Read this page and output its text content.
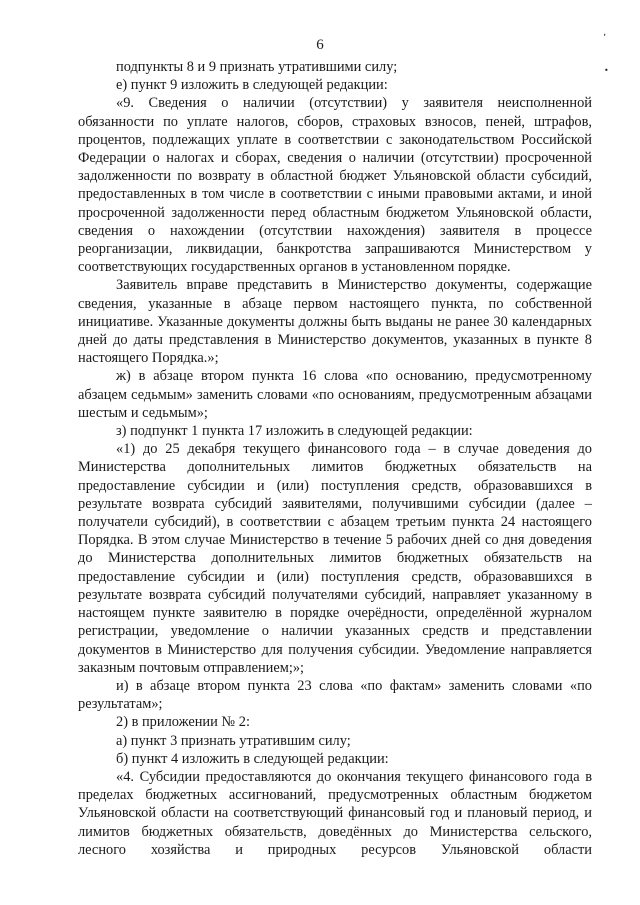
6	ʼ
•

подпункты 8 и 9 признать утратившими силу;

е) пункт 9 изложить в следующей редакции:

«9. Сведения о наличии (отсутствии) у заявителя неисполненной обязанности по уплате налогов, сборов, страховых взносов, пеней, штрафов, процентов, подлежащих уплате в соответствии с законодательством Российской Федерации о налогах и сборах, сведения о наличии (отсутствии) просроченной задолженности по возврату в областной бюджет Ульяновской области субсидий, предоставленных в том числе в соответствии с иными правовыми актами, и иной просроченной задолженности перед областным бюджетом Ульяновской области, сведения о нахождении (отсутствии нахождения) заявителя в процессе реорганизации, ликвидации, банкротства запрашиваются Министерством у соответствующих государственных органов в установленном порядке.

Заявитель вправе представить в Министерство документы, содержащие сведения, указанные в абзаце первом настоящего пункта, по собственной инициативе. Указанные документы должны быть выданы не ранее 30 календарных дней до даты представления в Министерство документов, указанных в пункте 8 настоящего Порядка.»;

ж) в абзаце втором пункта 16 слова «по основанию, предусмотренному абзацем седьмым» заменить словами «по основаниям, предусмотренным абзацами шестым и седьмым»;

з) подпункт 1 пункта 17 изложить в следующей редакции:

«1) до 25 декабря текущего финансового года – в случае доведения до Министерства дополнительных лимитов бюджетных обязательств на предоставление субсидии и (или) поступления средств, образовавшихся в результате возврата субсидий заявителями, получившими субсидии (далее – получатели субсидий), в соответствии с абзацем третьим пункта 24 настоящего Порядка. В этом случае Министерство в течение 5 рабочих дней со дня доведения до Министерства дополнительных лимитов бюджетных обязательств на предоставление субсидии и (или) поступления средств, образовавшихся в результате возврата субсидий получателями субсидий, направляет указанному в настоящем пункте заявителю в порядке очерёдности, определённой журналом регистрации, уведомление о наличии указанных средств и представлении документов в Министерство для получения субсидии. Уведомление направляется заказным почтовым отправлением;»;

и) в абзаце втором пункта 23 слова «по фактам» заменить словами «по результатам»;

2) в приложении № 2:

а) пункт 3 признать утратившим силу;

б) пункт 4 изложить в следующей редакции:

«4. Субсидии предоставляются до окончания текущего финансового года в пределах бюджетных ассигнований, предусмотренных областным бюджетом Ульяновской области на соответствующий финансовый год и плановый период, и лимитов бюджетных обязательств, доведённых до Министерства сельского, лесного хозяйства и природных ресурсов Ульяновской области
